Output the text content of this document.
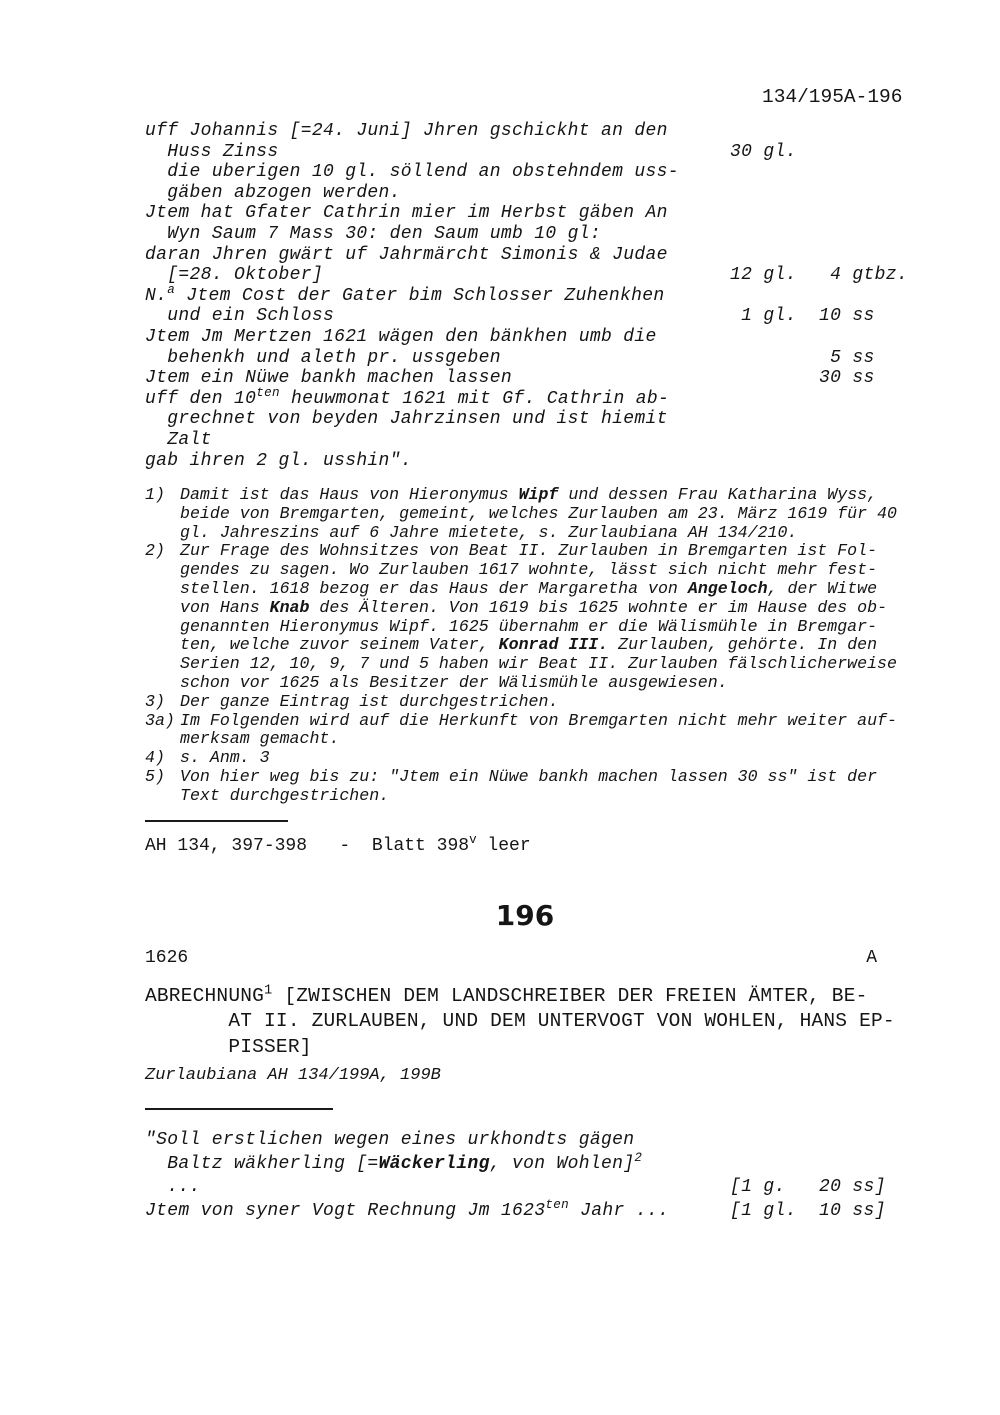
134/195A-196
uff Johannis [=24. Juni] Jhren gschickht an den
Huss Zinss	30 gl.
die uberigen 10 gl. söllend an obstehndem uss-
gäben abzogen werden.
Jtem hat Gfater Cathrin mier im Herbst gäben An
Wyn Saum 7 Mass 30: den Saum umb 10 gl:
daran Jhren gwärt uf Jahrmärcht Simonis & Judae
[=28. Oktober]	12 gl.   4 gtbz.
N.$^a$ Jtem Cost der Gater bim Schlosser Zuhenkhen
und ein Schloss	1 gl.  10 ss
Jtem Jm Mertzen 1621 wägen den bänkhen umb die
behenkh und aleth pr. ussgeben	5 ss
Jtem ein Nüwe bankh machen lassen	30 ss
uff den $10^{ten}$ heuwmonat 1621 mit Gf. Cathrin ab-
grechnet von beyden Jahrzinsen und ist hiemit
Zalt
gab ihren 2 gl. usshin".
1) Damit ist das Haus von Hieronymus Wipf und dessen Frau Katharina Wyss,
beide von Bremgarten, gemeint, welches Zurlauben am 23. März 1619 für 40
gl. Jahreszins auf 6 Jahre mietete, s. Zurlaubiana AH 134/210.
2) Zur Frage des Wohnsitzes von Beat II. Zurlauben in Bremgarten ist Fol-
gendes zu sagen. Wo Zurlauben 1617 wohnte, lässt sich nicht mehr fest-
stellen. 1618 bezog er das Haus der Margaretha von Angeloch, der Witwe
von Hans Knab des Älteren. Von 1619 bis 1625 wohnte er im Hause des ob-
genannten Hieronymus Wipf. 1625 übernahm er die Wälismühle in Bremgar-
ten, welche zuvor seinem Vater, Konrad III. Zurlauben, gehörte. In den
Serien 12, 10, 9, 7 und 5 haben wir Beat II. Zurlauben fälschlicherweise
schon vor 1625 als Besitzer der Wälismühle ausgewiesen.
3) Der ganze Eintrag ist durchgestrichen.
3a) Im Folgenden wird auf die Herkunft von Bremgarten nicht mehr weiter auf-
merksam gemacht.
4) s. Anm. 3
5) Von hier weg bis zu: "Jtem ein Nüwe bankh machen lassen 30 ss" ist der
Text durchgestrichen.
AH 134, 397-398   -  Blatt 398$^v$ leer
196
1626	A
ABRECHNUNG$^1$ [ZWISCHEN DEM LANDSCHREIBER DER FREIEN ÄMTER, BE-
AT II. ZURLAUBEN, UND DEM UNTERVOGT VON WOHLEN, HANS EP-
PISSER]
Zurlaubiana AH 134/199A, 199B
"Soll erstlichen wegen eines urkhondts gägen
Baltz wäkherling [=Wäckerling, von Wohlen]$^2$
...	[1 g.   20 ss]
Jtem von syner Vogt Rechnung Jm $1623^{ten}$ Jahr ...	[1 gl.  10 ss]
